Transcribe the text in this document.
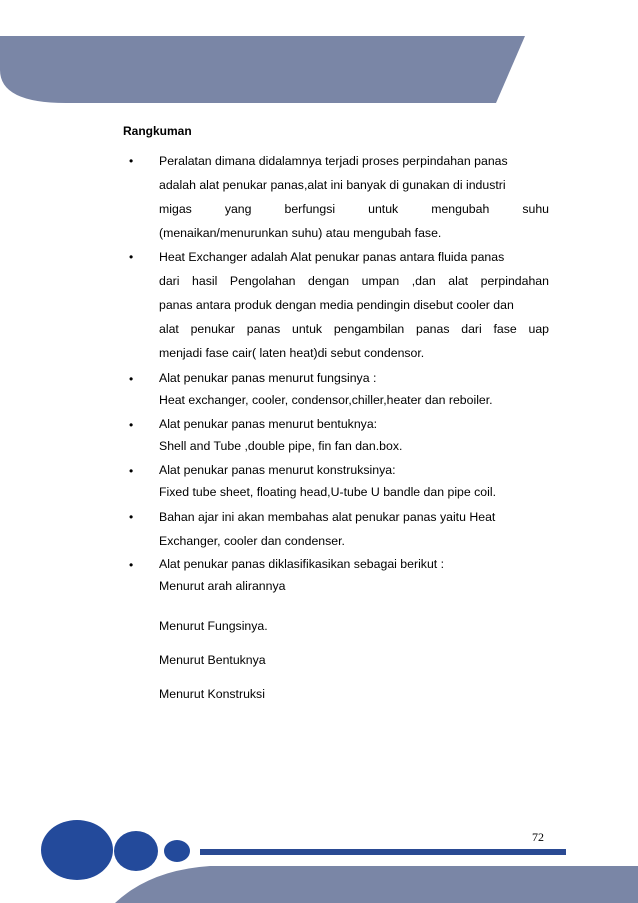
Rangkuman
• Peralatan dimana didalamnya terjadi proses perpindahan panas

adalah alat penukar panas,alat ini banyak di gunakan di industri

migas yang berfungsi untuk mengubah suhu

(menaikan/menurunkan suhu) atau mengubah fase.

• Heat Exchanger adalah Alat penukar panas antara fluida panas

dari hasil Pengolahan dengan umpan ,dan alat perpindahan

panas antara produk dengan media pendingin disebut cooler dan

alat penukar panas untuk pengambilan panas dari fase uap

menjadi fase cair( laten heat)di sebut condensor.

• Alat penukar panas menurut fungsinya :

Heat exchanger, cooler, condensor,chiller,heater dan reboiler.

• Alat penukar panas menurut bentuknya:

Shell and Tube ,double pipe, fin fan dan.box.

• Alat penukar panas menurut konstruksinya:

Fixed tube sheet, floating head,U-tube U bandle dan pipe coil.

• Bahan ajar ini akan membahas alat penukar panas yaitu Heat

Exchanger, cooler dan condenser.

• Alat penukar panas diklasifikasikan sebagai berikut :

Menurut arah alirannya

Menurut Fungsinya.

Menurut Bentuknya

Menurut Konstruksi

72
